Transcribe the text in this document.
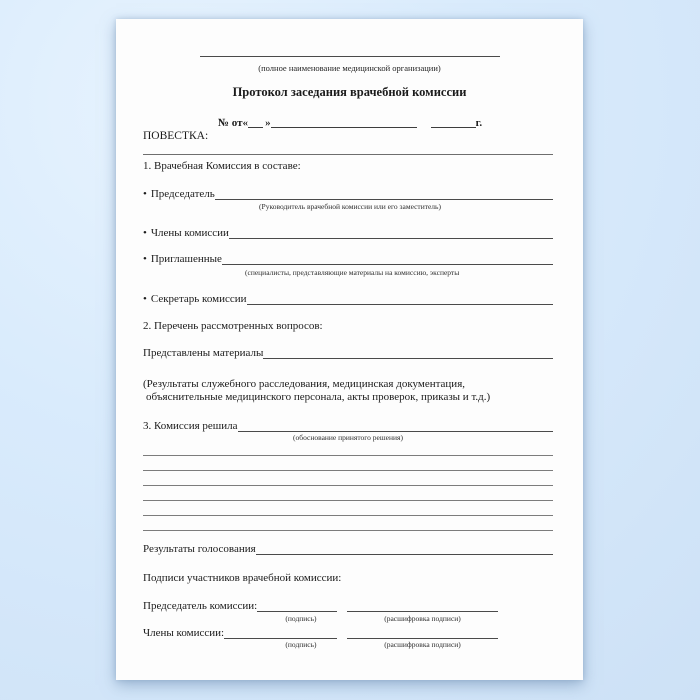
(полное наименование медицинской организации)
Протокол заседания врачебной комиссии
№ от« »	г.
ПОВЕСТКА:
1. Врачебная Комиссия в составе:
• Председатель
(Руководитель врачебной комиссии или его заместитель)
• Члены комиссии
• Приглашенные
(специалисты, представляющие материалы на комиссию, эксперты
• Секретарь комиссии
2. Перечень рассмотренных вопросов:
Представлены материалы
(Результаты служебного расследования, медицинская документация,
объяснительные медицинского персонала, акты проверок, приказы и т.д.)
3. Комиссия решила
(обоснование принятого решения)
Результаты голосования
Подписи участников врачебной комиссии:
Председатель комиссии:
(подпись)	(расшифровка подписи)
Члены комиссии:
(подпись)	(расшифровка подписи)
